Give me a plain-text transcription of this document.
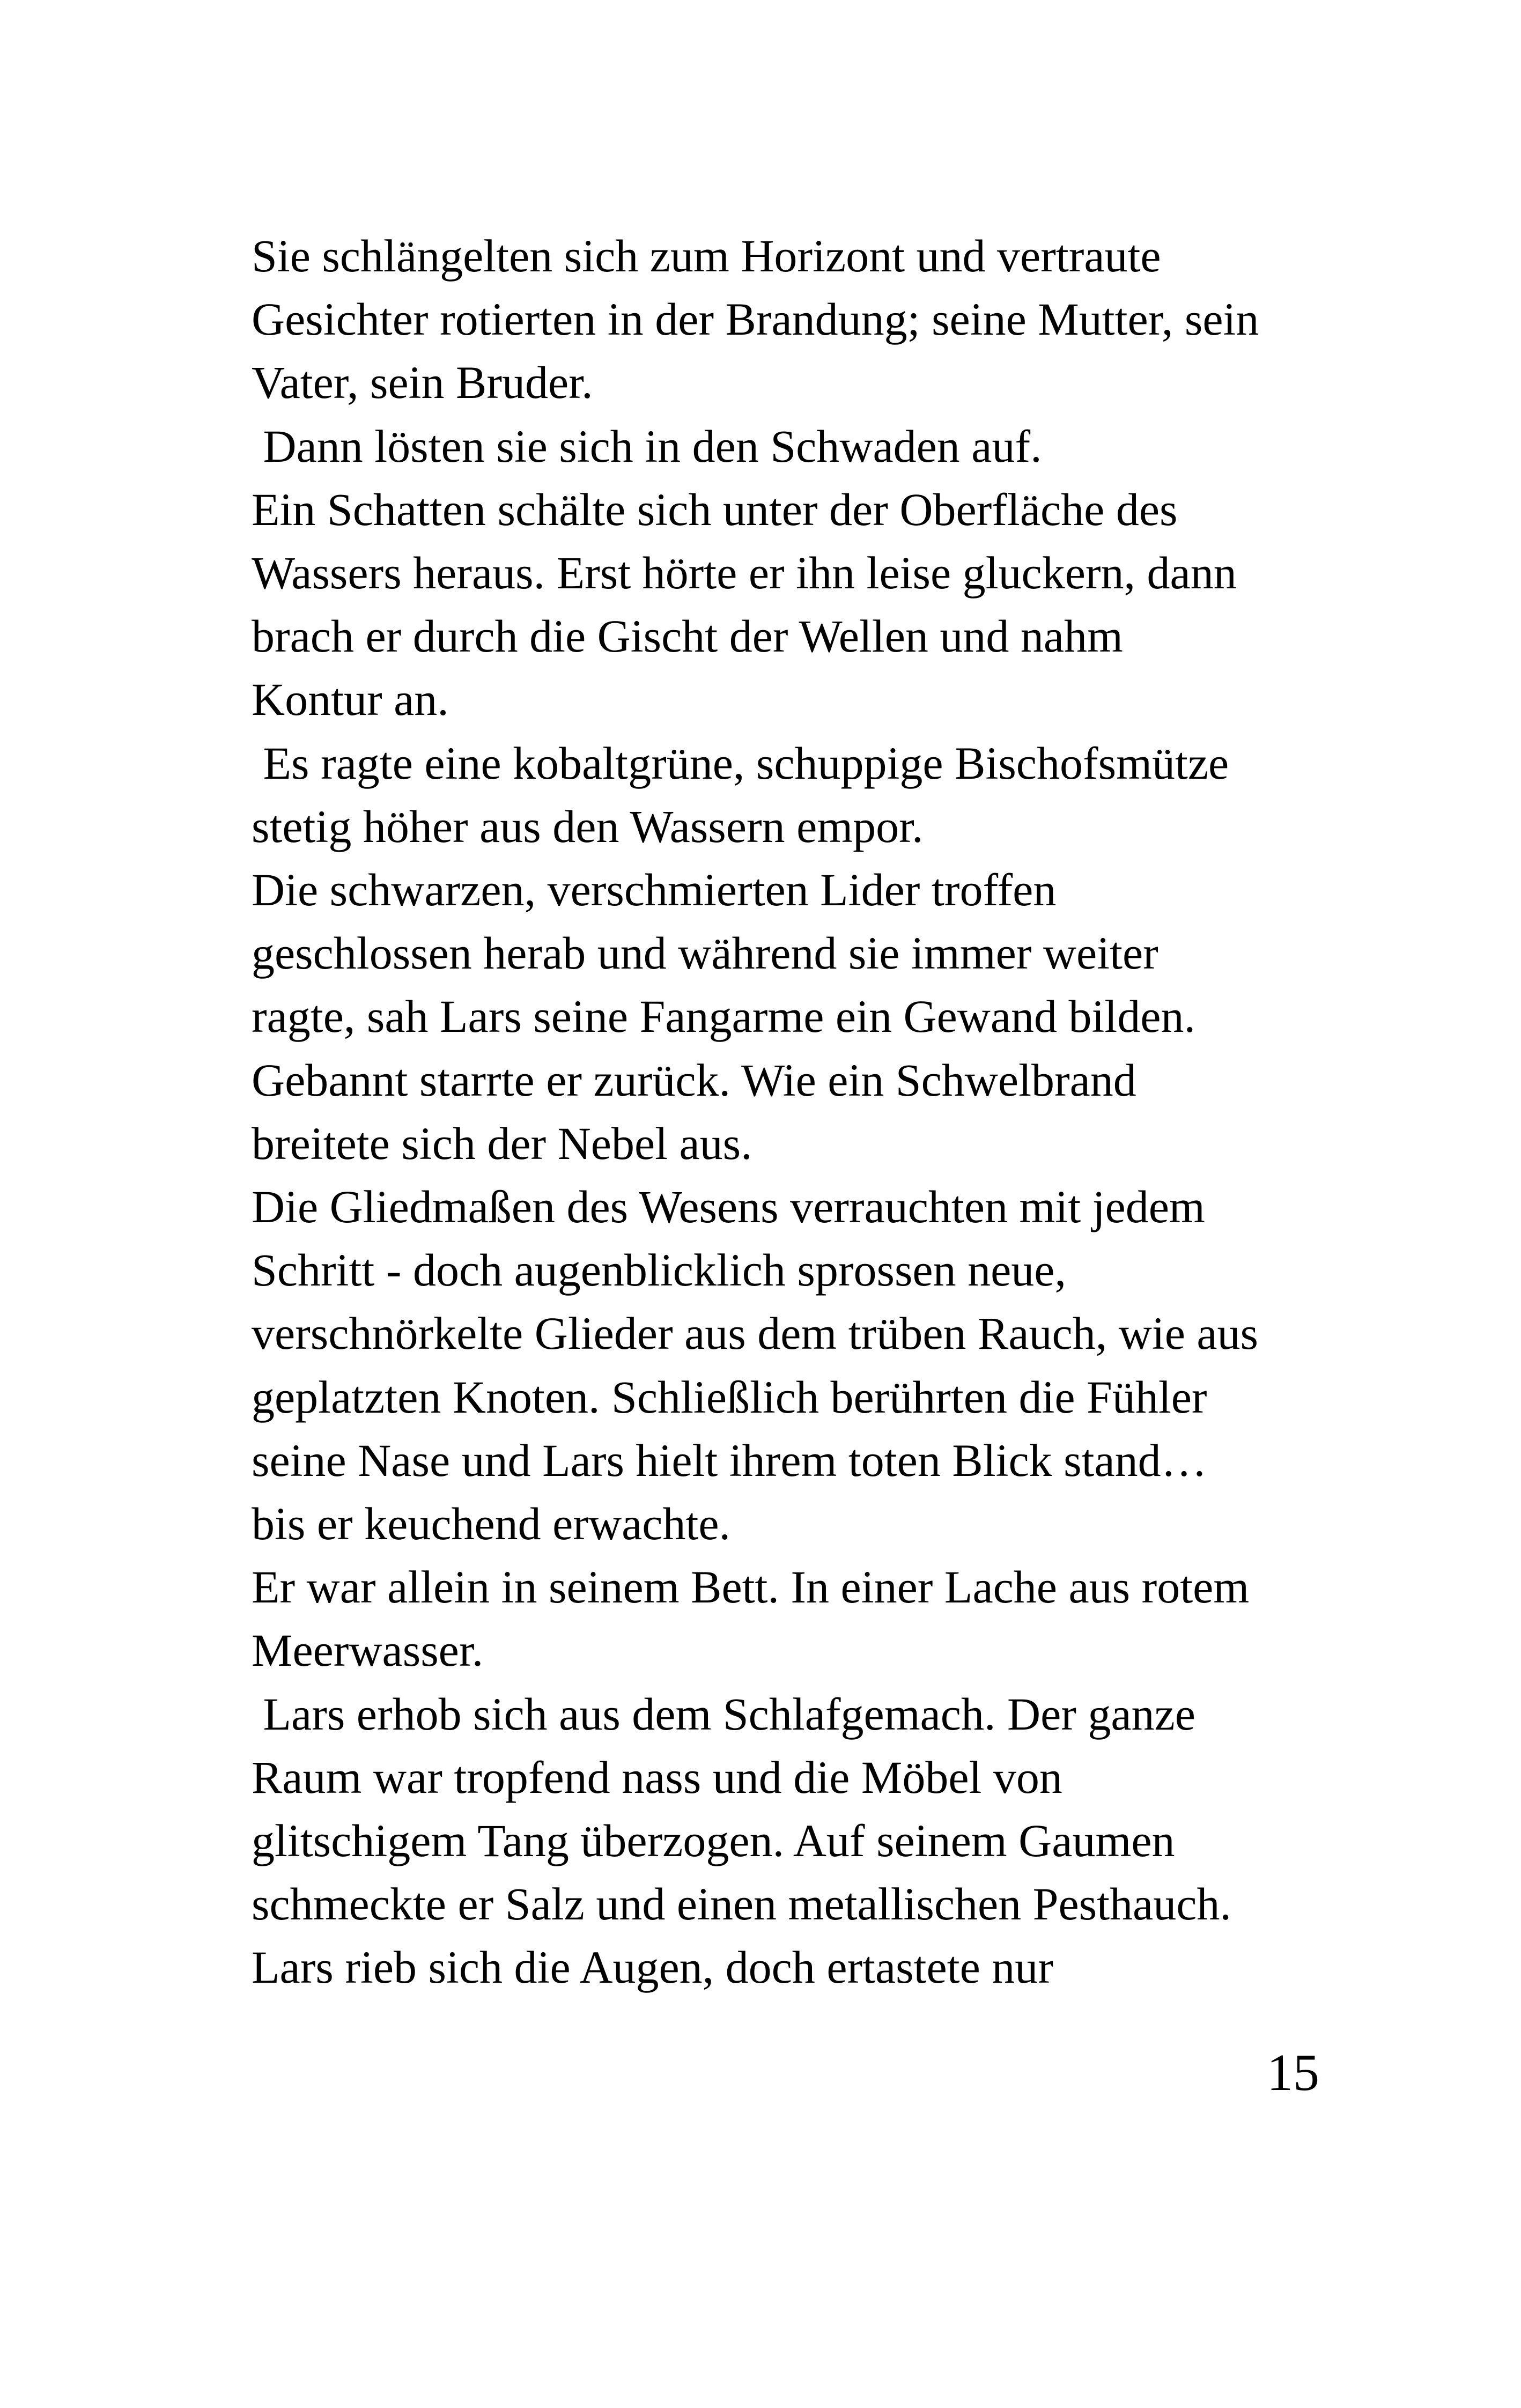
Sie schlängelten sich zum Horizont und vertraute
Gesichter rotierten in der Brandung; seine Mutter, sein
Vater, sein Bruder.
Dann lösten sie sich in den Schwaden auf.
Ein Schatten schälte sich unter der Oberfläche des
Wassers heraus. Erst hörte er ihn leise gluckern, dann
brach er durch die Gischt der Wellen und nahm
Kontur an.
Es ragte eine kobaltgrüne, schuppige Bischofsmütze
stetig höher aus den Wassern empor.
Die schwarzen, verschmierten Lider troffen
geschlossen herab und während sie immer weiter
ragte, sah Lars seine Fangarme ein Gewand bilden.
Gebannt starrte er zurück. Wie ein Schwelbrand
breitete sich der Nebel aus.
Die Gliedmaßen des Wesens verrauchten mit jedem
Schritt - doch augenblicklich sprossen neue,
verschnörkelte Glieder aus dem trüben Rauch, wie aus
geplatzten Knoten. Schließlich berührten die Fühler
seine Nase und Lars hielt ihrem toten Blick stand…
bis er keuchend erwachte.
Er war allein in seinem Bett. In einer Lache aus rotem
Meerwasser.
Lars erhob sich aus dem Schlafgemach. Der ganze
Raum war tropfend nass und die Möbel von
glitschigem Tang überzogen. Auf seinem Gaumen
schmeckte er Salz und einen metallischen Pesthauch.
Lars rieb sich die Augen, doch ertastete nur
15
